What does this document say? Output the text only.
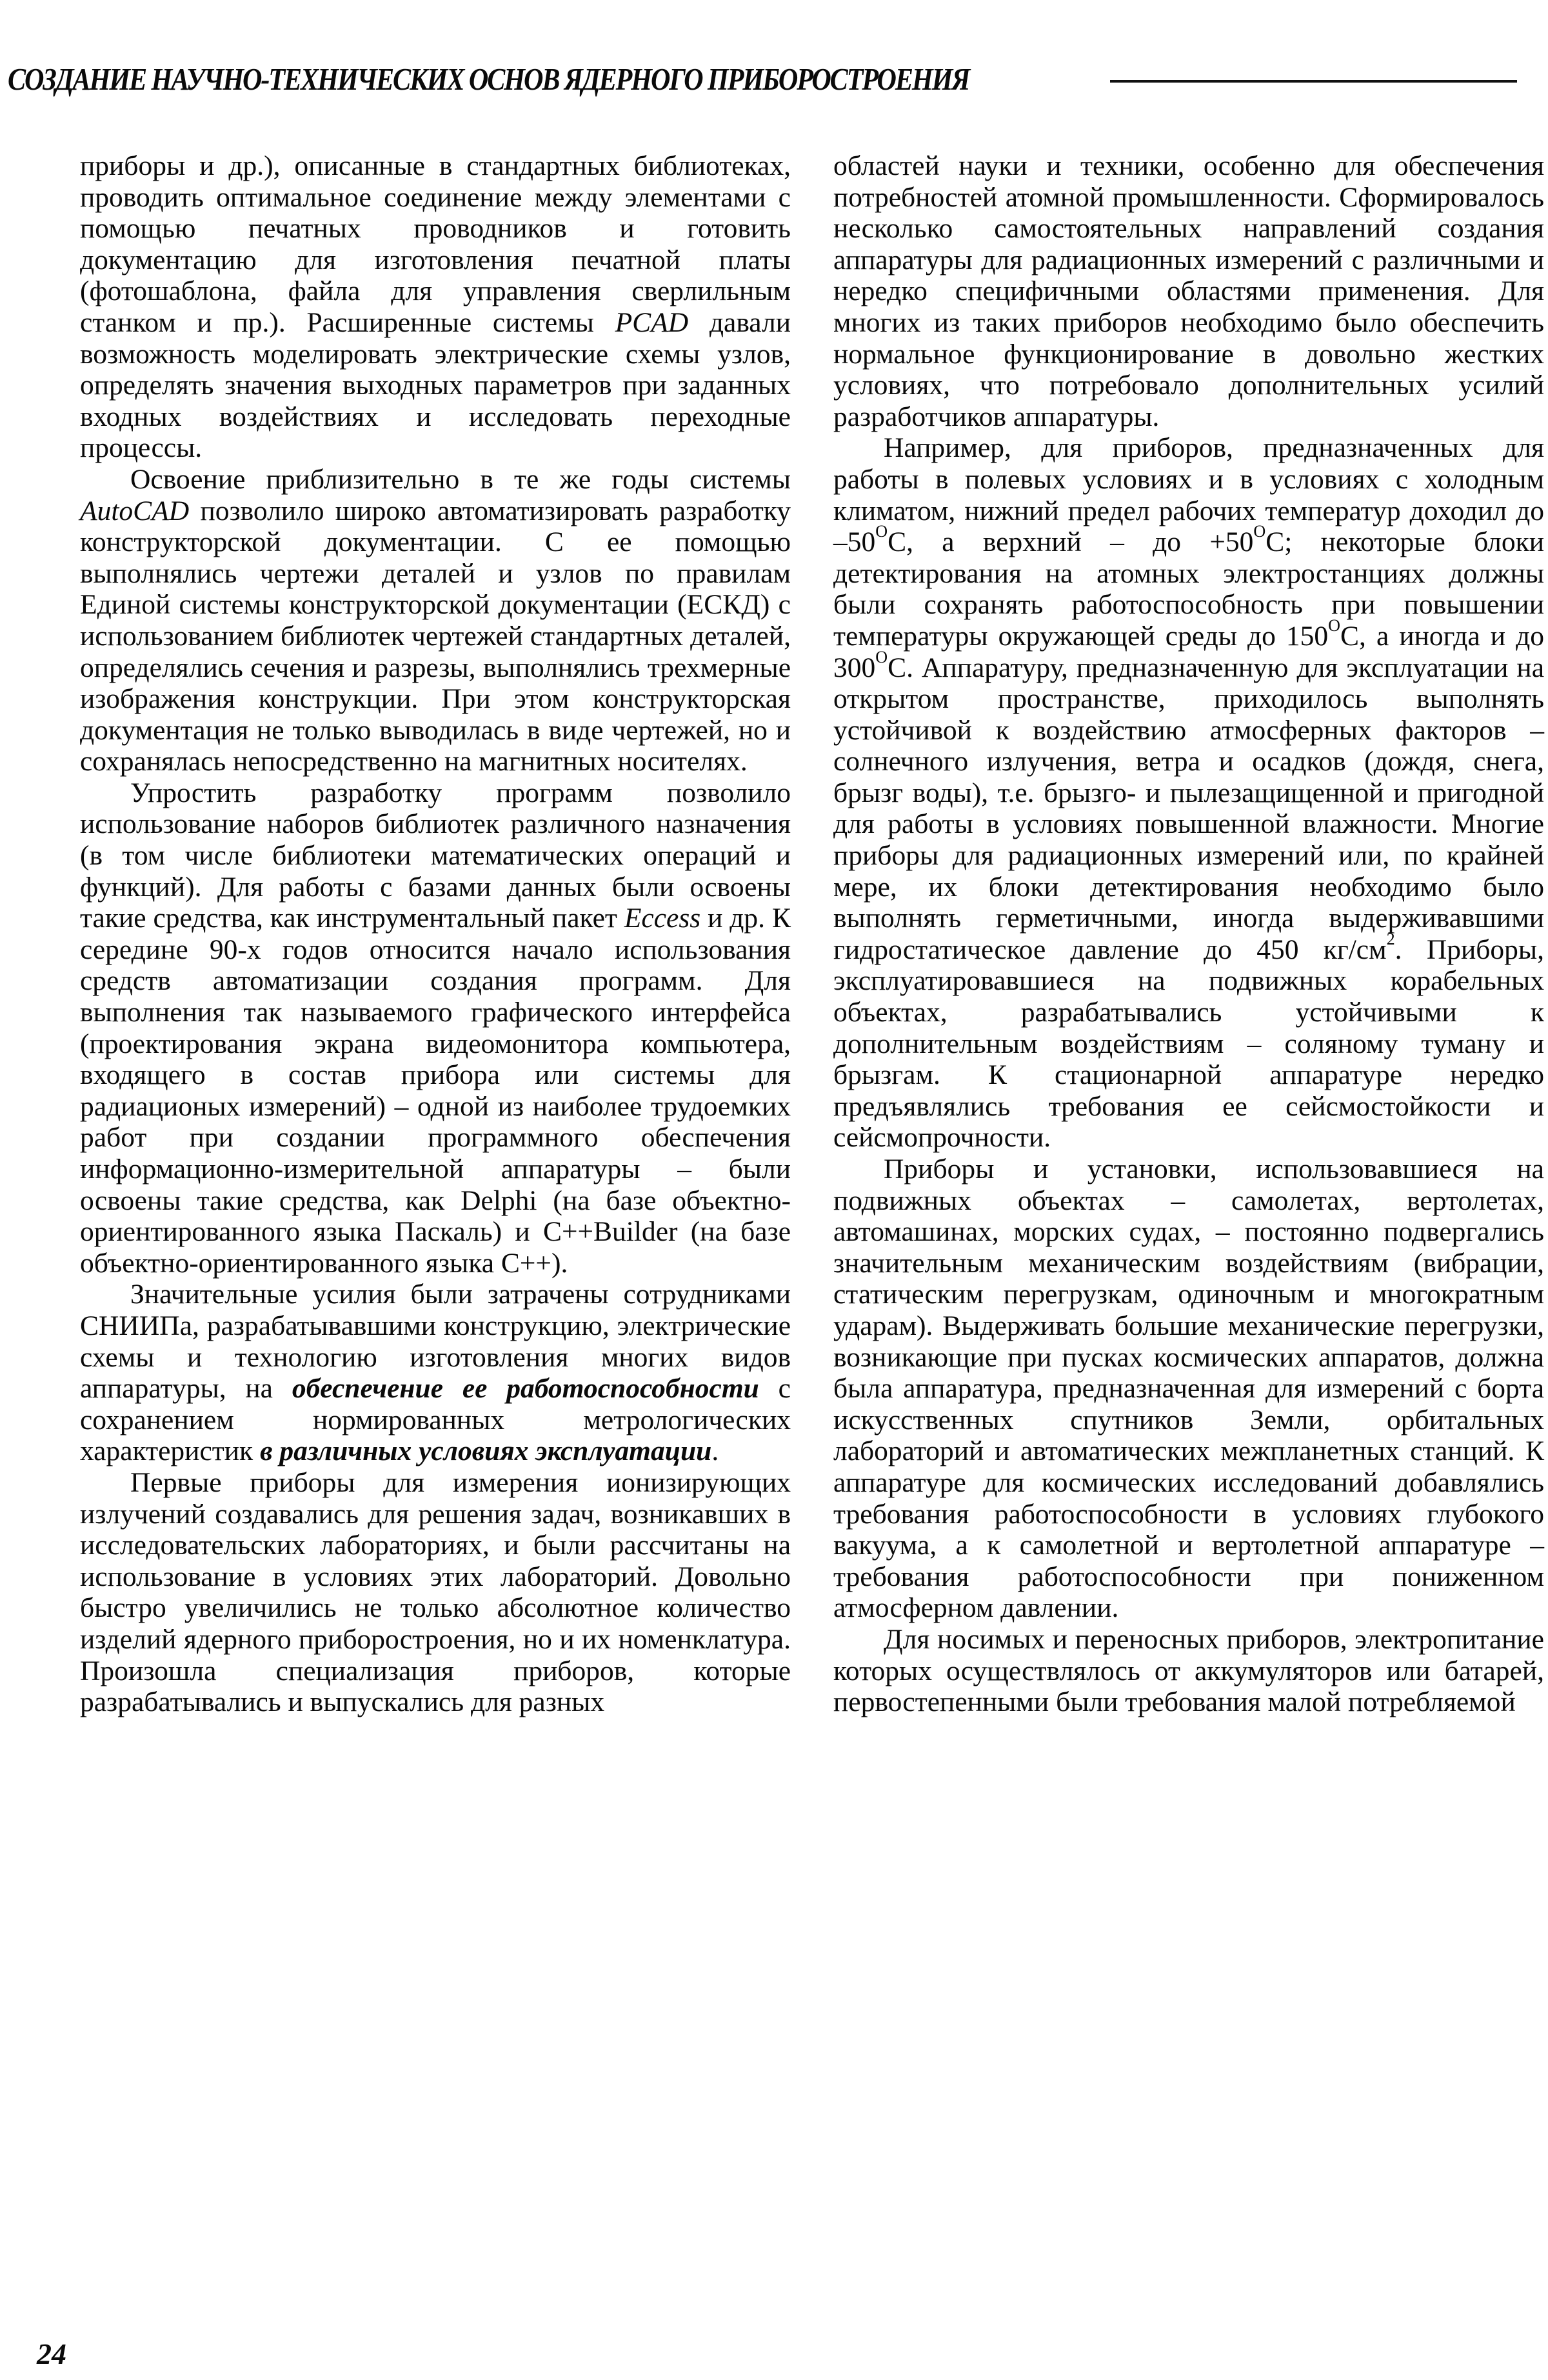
СОЗДАНИЕ НАУЧНО-ТЕХНИЧЕСКИХ ОСНОВ ЯДЕРНОГО ПРИБОРОСТРОЕНИЯ

приборы и др.), описанные в стандартных библиотеках, проводить оптимальное соединение между элементами с помощью печатных проводников и готовить документацию для изготовления печатной платы (фотошаблона, файла для управления сверлильным станком и пр.). Расширенные системы PCAD давали возможность моделировать электрические схемы узлов, определять значения выходных параметров при заданных входных воздействиях и исследовать переходные процессы.

Освоение приблизительно в те же годы системы AutoCAD позволило широко автоматизировать разработку конструкторской документации. С ее помощью выполнялись чертежи деталей и узлов по правилам Единой системы конструкторской документации (ЕСКД) с использованием библиотек чертежей стандартных деталей, определялись сечения и разрезы, выполнялись трехмерные изображения конструкции. При этом конструкторская документация не только выводилась в виде чертежей, но и сохранялась непосредственно на магнитных носителях.

Упростить разработку программ позволило использование наборов библиотек различного назначения (в том числе библиотеки математических операций и функций). Для работы с базами данных были освоены такие средства, как инструментальный пакет Eccess и др. К середине 90-х годов относится начало использования средств автоматизации создания программ. Для выполнения так называемого графического интерфейса (проектирования экрана видеомонитора компьютера, входящего в состав прибора или системы для радиационых измерений) – одной из наиболее трудоемких работ при создании программного обеспечения информационно-измерительной аппаратуры – были освоены такие средства, как Delphi (на базе объектно-ориентированного языка Паскаль) и C++Builder (на базе объектно-ориентированного языка C++).

Значительные усилия были затрачены сотрудниками СНИИПа, разрабатывавшими конструкцию, электрические схемы и технологию изготовления многих видов аппаратуры, на обеспечение ее работоспособности с сохранением нормированных метрологических характеристик в различных условиях эксплуатации.

Первые приборы для измерения ионизирующих излучений создавались для решения задач, возникавших в исследовательских лабораториях, и были рассчитаны на использование в условиях этих лабораторий. Довольно быстро увеличились не только абсолютное количество изделий ядерного приборостроения, но и их номенклатура. Произошла специализация приборов, которые разрабатывались и выпускались для разных

областей науки и техники, особенно для обеспечения потребностей атомной промышленности. Сформировалось несколько самостоятельных направлений создания аппаратуры для радиационных измерений с различными и нередко специфичными областями применения. Для многих из таких приборов необходимо было обеспечить нормальное функционирование в довольно жестких условиях, что потребовало дополнительных усилий разработчиков аппаратуры.

Например, для приборов, предназначенных для работы в полевых условиях и в условиях с холодным климатом, нижний предел рабочих температур доходил до $-50^OС$, а верхний – до $+50^OС$; некоторые блоки детектирования на атомных электростанциях должны были сохранять работоспособность при повышении температуры окружающей среды до $150^OС$, а иногда и до $300^OС$. Аппаратуру, предназначенную для эксплуатации на открытом пространстве, приходилось выполнять устойчивой к воздействию атмосферных факторов – солнечного излучения, ветра и осадков (дождя, снега, брызг воды), т.е. брызго- и пылезащищенной и пригодной для работы в условиях повышенной влажности. Многие приборы для радиационных измерений или, по крайней мере, их блоки детектирования необходимо было выполнять герметичными, иногда выдерживавшими гидростатическое давление до 450 $кг/см^2$. Приборы, эксплуатировавшиеся на подвижных корабельных объектах, разрабатывались устойчивыми к дополнительным воздействиям – соляному туману и брызгам. К стационарной аппаратуре нередко предъявлялись требования ее сейсмостойкости и сейсмопрочности.

Приборы и установки, использовавшиеся на подвижных объектах – самолетах, вертолетах, автомашинах, морских судах, – постоянно подвергались значительным механическим воздействиям (вибрации, статическим перегрузкам, одиночным и многократным ударам). Выдерживать большие механические перегрузки, возникающие при пусках космических аппаратов, должна была аппаратура, предназначенная для измерений с борта искусственных спутников Земли, орбитальных лабораторий и автоматических межпланетных станций. К аппаратуре для космических исследований добавлялись требования работоспособности в условиях глубокого вакуума, а к самолетной и вертолетной аппаратуре – требования работоспособности при пониженном атмосферном давлении.

Для носимых и переносных приборов, электропитание которых осуществлялось от аккумуляторов или батарей, первостепенными были требования малой потребляемой

24
